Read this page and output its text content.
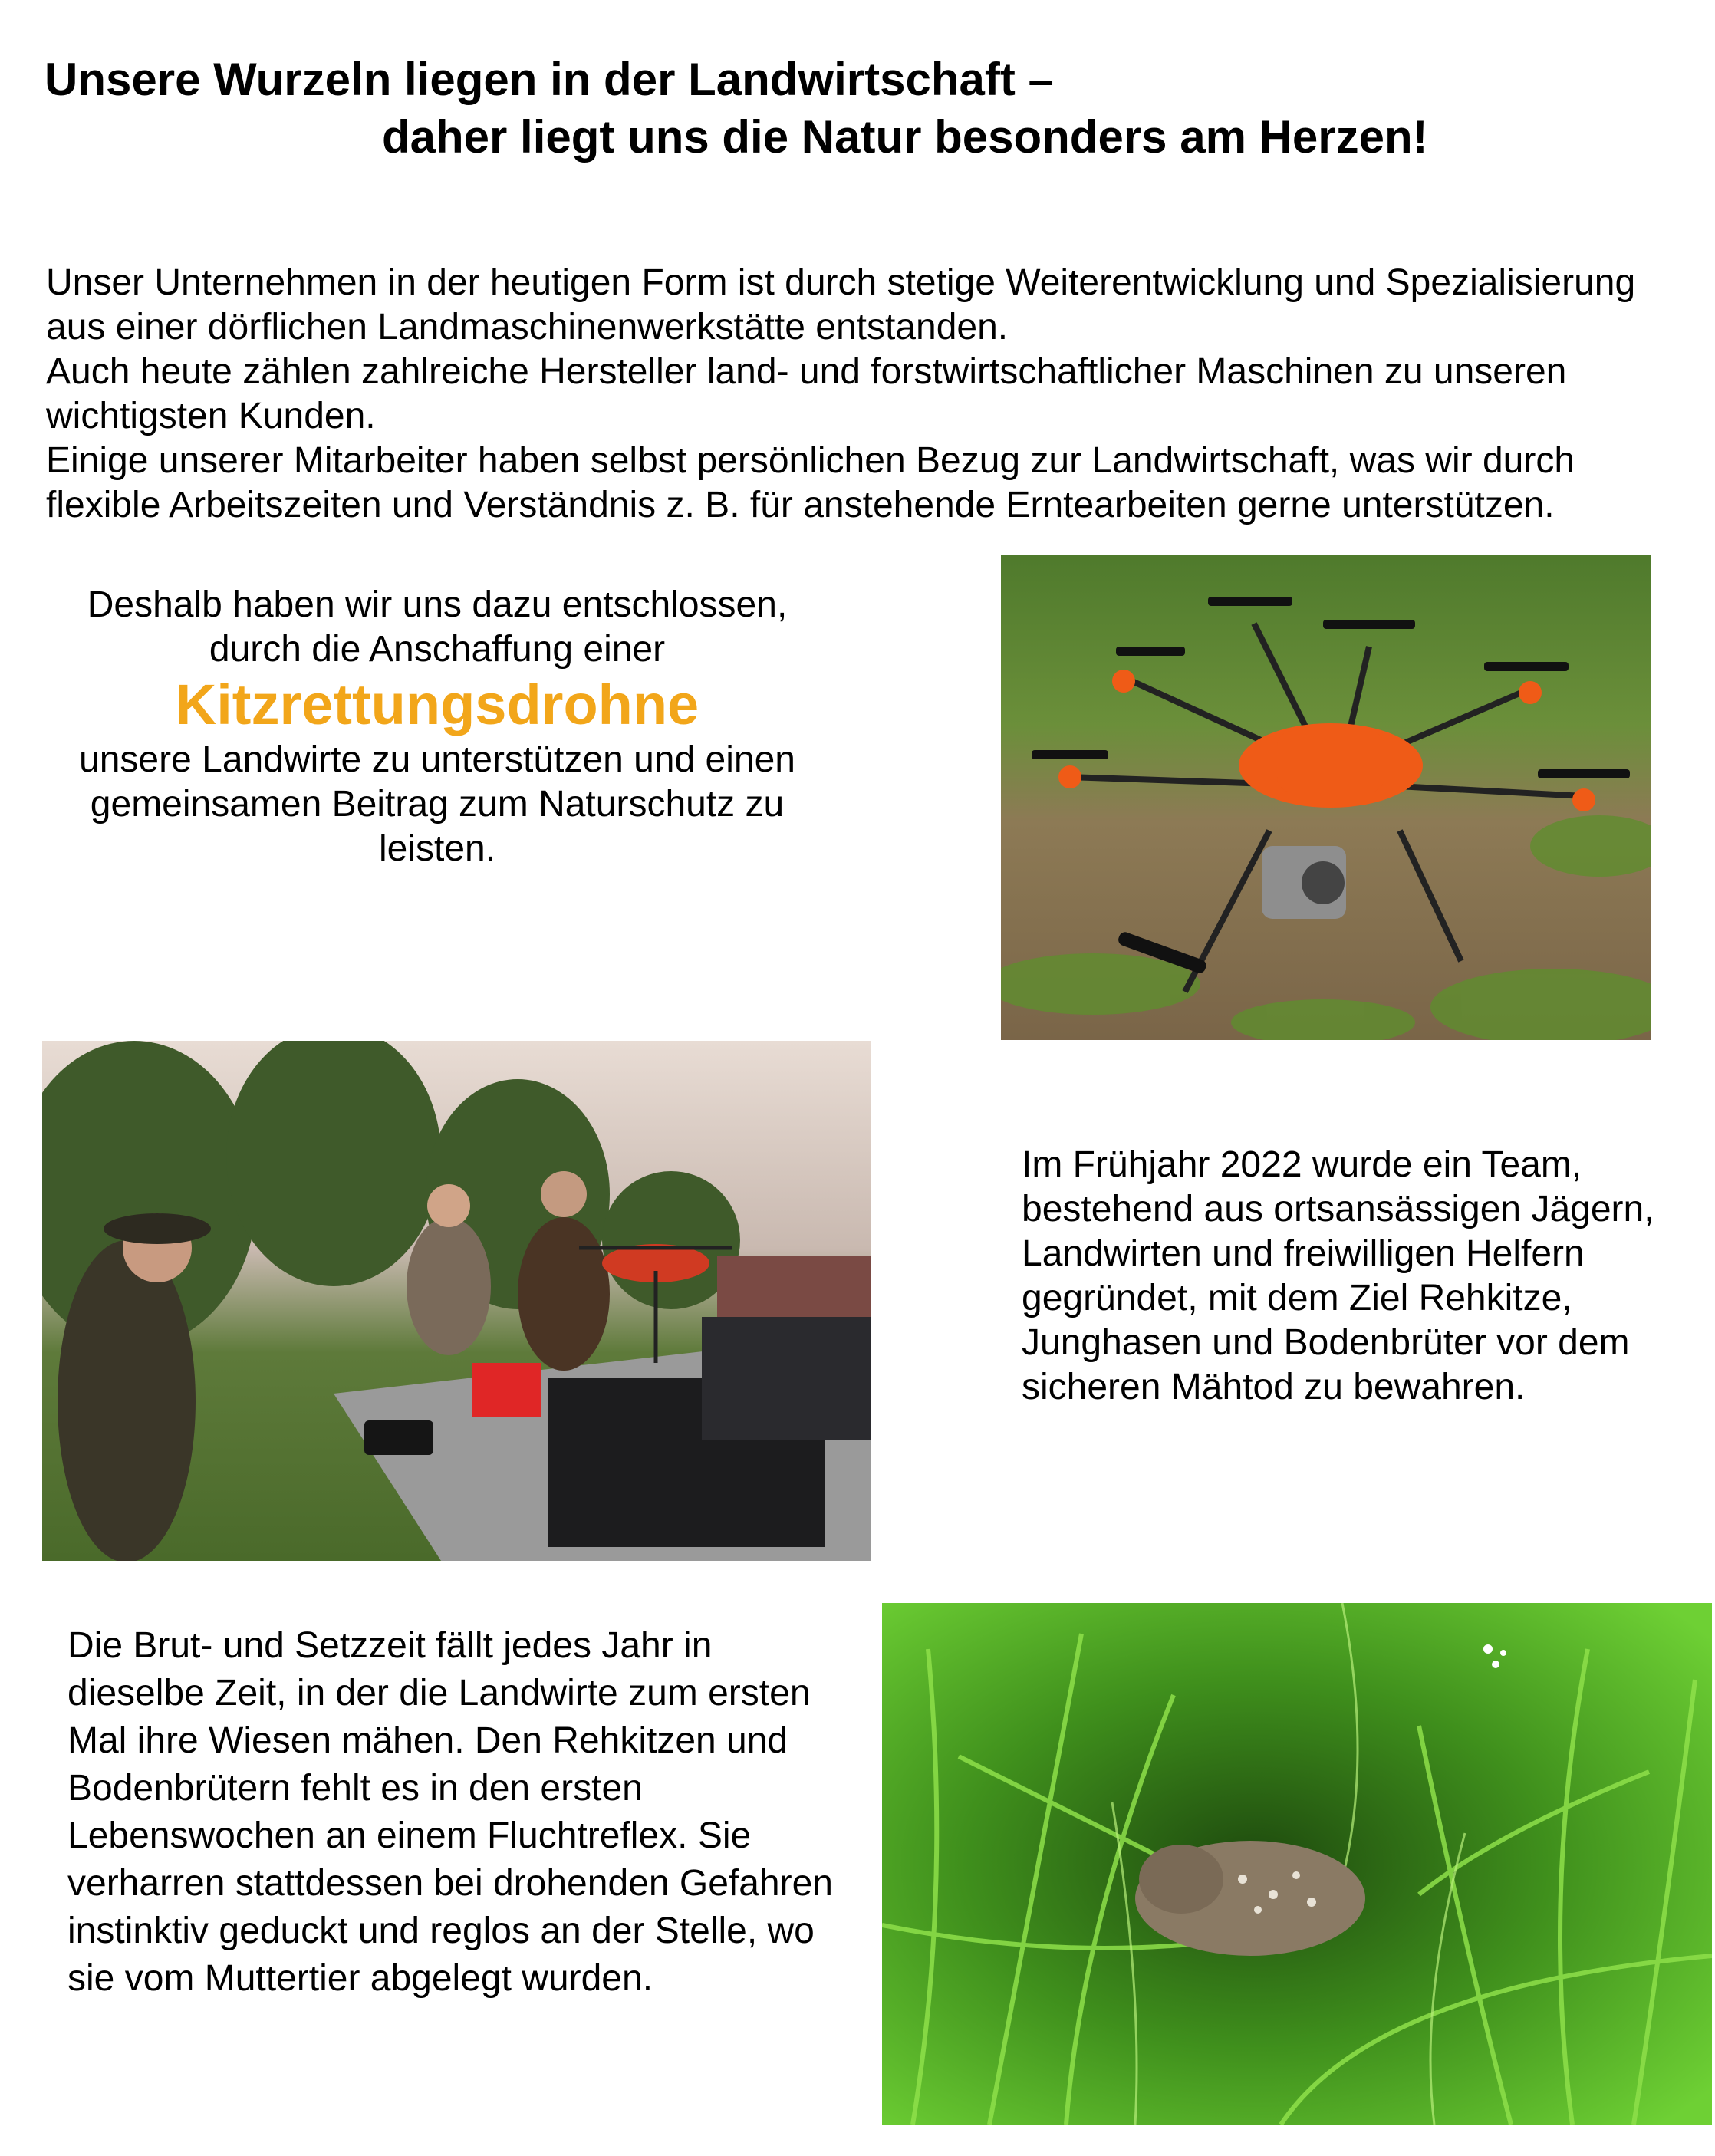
Unsere Wurzeln liegen in der Landwirtschaft –
daher liegt uns die Natur besonders am Herzen!

Unser Unternehmen in der heutigen Form ist durch stetige Weiterentwicklung und Spezialisierung aus einer dörflichen Landmaschinenwerkstätte entstanden.

Auch heute zählen zahlreiche Hersteller land- und forstwirtschaftlicher Maschinen zu unseren wichtigsten Kunden.

Einige unserer Mitarbeiter haben selbst persönlichen Bezug zur Landwirtschaft, was wir durch flexible Arbeitszeiten und Verständnis z. B. für anstehende Erntearbeiten gerne unterstützen.

Deshalb haben wir uns dazu entschlossen, durch die Anschaffung einer

Kitzrettungsdrohne

unsere Landwirte zu unterstützen und einen gemeinsamen Beitrag zum Naturschutz zu leisten.

Im Frühjahr 2022 wurde ein Team, bestehend aus ortsansässigen Jägern, Landwirten und freiwilligen Helfern gegründet, mit dem Ziel Rehkitze, Junghasen und Bodenbrüter vor dem sicheren Mähtod zu bewahren.

Die Brut- und Setzzeit fällt jedes Jahr in dieselbe Zeit, in der die Landwirte zum ersten Mal ihre Wiesen mähen. Den Rehkitzen und Bodenbrütern fehlt es in den ersten Lebenswochen an einem Fluchtreflex. Sie verharren stattdessen bei drohenden Gefahren instinktiv geduckt und reglos an der Stelle, wo sie vom Muttertier abgelegt wurden.
